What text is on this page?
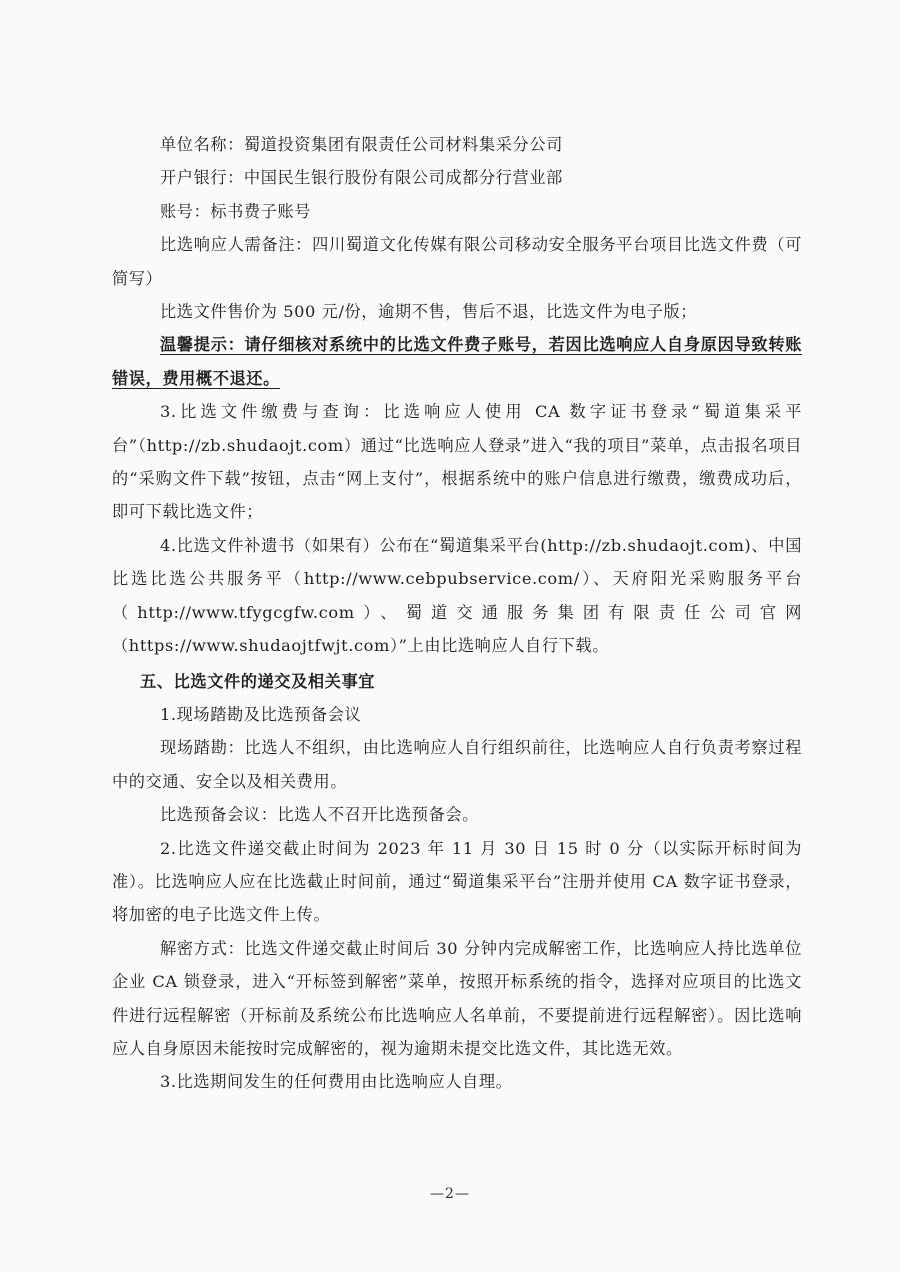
单位名称：蜀道投资集团有限责任公司材料集采分公司

开户银行：中国民生银行股份有限公司成都分行营业部

账号：标书费子账号

比选响应人需备注：四川蜀道文化传媒有限公司移动安全服务平台项目比选文件费（可简写）

比选文件售价为 500 元/份，逾期不售，售后不退，比选文件为电子版；

温馨提示：请仔细核对系统中的比选文件费子账号，若因比选响应人自身原因导致转账错误，费用概不退还。

3.比选文件缴费与查询：比选响应人使用 CA 数字证书登录“蜀道集采平台”（http://zb.shudaojt.com）通过“比选响应人登录”进入“我的项目”菜单，点击报名项目的“采购文件下载”按钮，点击“网上支付”，根据系统中的账户信息进行缴费，缴费成功后，即可下载比选文件；

4.比选文件补遗书（如果有）公布在“蜀道集采平台(http://zb.shudaojt.com)、中国比选比选公共服务平（http://www.cebpubservice.com/）、天府阳光采购服务平台（http://www.tfygcgfw.com）、蜀道交通服务集团有限责任公司官网（https://www.shudaojtfwjt.com）”上由比选响应人自行下载。

五、比选文件的递交及相关事宜

1.现场踏勘及比选预备会议

现场踏勘：比选人不组织，由比选响应人自行组织前往，比选响应人自行负责考察过程中的交通、安全以及相关费用。

比选预备会议：比选人不召开比选预备会。

2.比选文件递交截止时间为 2023 年 11 月 30 日 15 时 0 分（以实际开标时间为准）。比选响应人应在比选截止时间前，通过“蜀道集采平台”注册并使用 CA 数字证书登录，将加密的电子比选文件上传。

解密方式：比选文件递交截止时间后 30 分钟内完成解密工作，比选响应人持比选单位企业 CA 锁登录，进入“开标签到解密”菜单，按照开标系统的指令，选择对应项目的比选文件进行远程解密（开标前及系统公布比选响应人名单前，不要提前进行远程解密）。因比选响应人自身原因未能按时完成解密的，视为逾期未提交比选文件，其比选无效。

3.比选期间发生的任何费用由比选响应人自理。

—2—
